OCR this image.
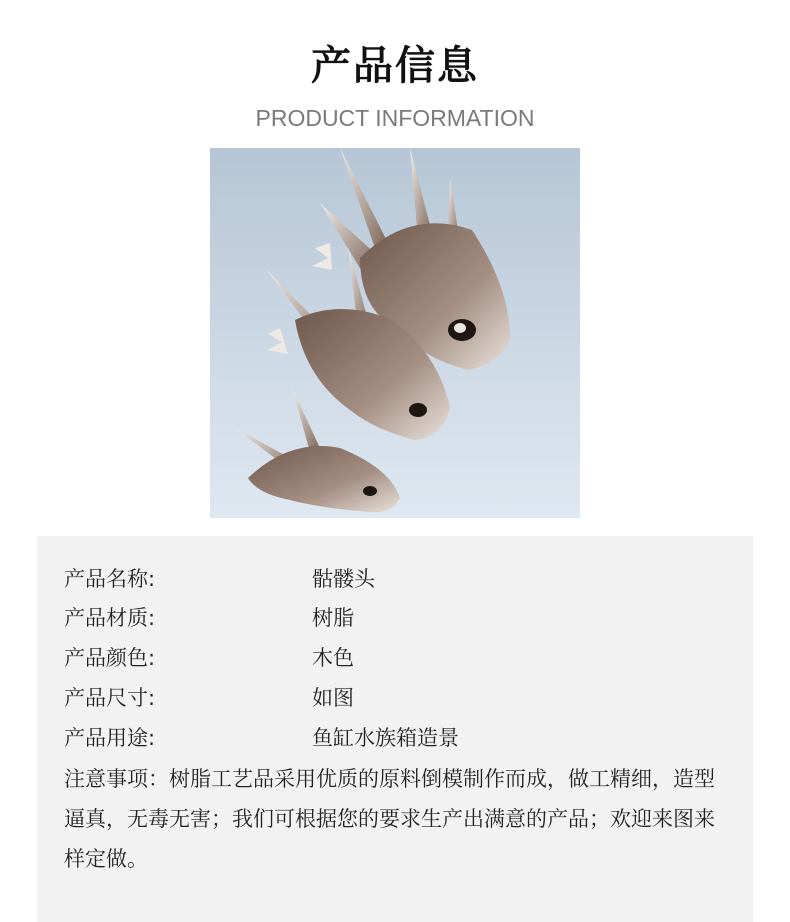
产品信息
PRODUCT INFORMATION
产品名称:	骷髅头
产品材质:	树脂
产品颜色:	木色
产品尺寸:	如图
产品用途:	鱼缸水族箱造景
注意事项：树脂工艺品采用优质的原料倒模制作而成，做工精细，造型逼真，无毒无害；我们可根据您的要求生产出满意的产品；欢迎来图来样定做。
